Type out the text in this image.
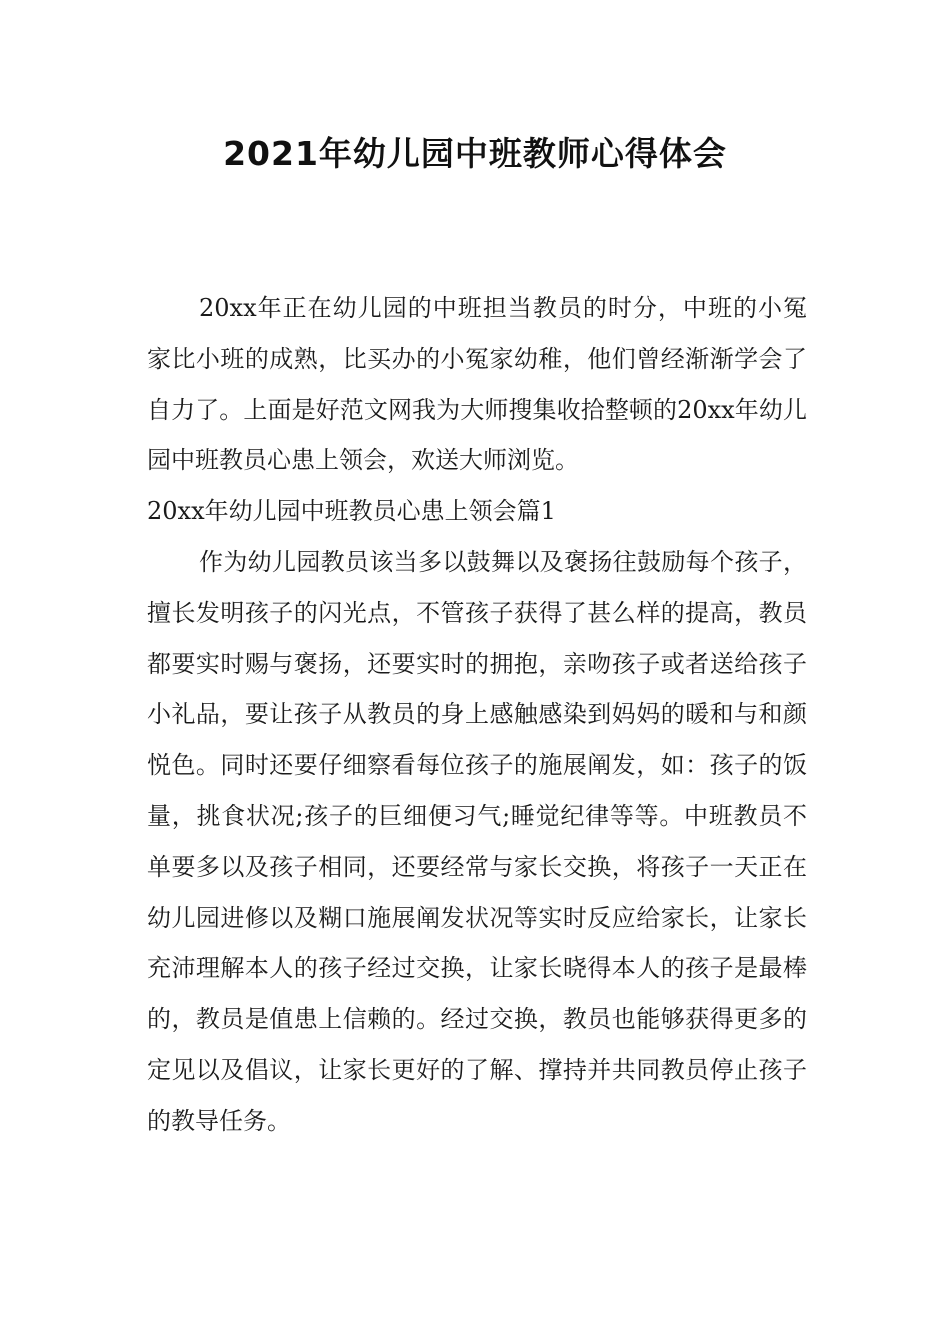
2021年幼儿园中班教师心得体会

20xx年正在幼儿园的中班担当教员的时分，中班的小冤家比小班的成熟，比买办的小冤家幼稚，他们曾经渐渐学会了自力了。上面是好范文网我为大师搜集收拾整顿的20xx年幼儿园中班教员心患上领会，欢送大师浏览。

20xx年幼儿园中班教员心患上领会篇1

作为幼儿园教员该当多以鼓舞以及褒扬往鼓励每个孩子，擅长发明孩子的闪光点，不管孩子获得了甚么样的提高，教员都要实时赐与褒扬，还要实时的拥抱，亲吻孩子或者送给孩子小礼品，要让孩子从教员的身上感触感染到妈妈的暖和与和颜悦色。同时还要仔细察看每位孩子的施展阐发，如：孩子的饭量，挑食状况;孩子的巨细便习气;睡觉纪律等等。中班教员不单要多以及孩子相同，还要经常与家长交换，将孩子一天正在幼儿园进修以及糊口施展阐发状况等实时反应给家长，让家长充沛理解本人的孩子经过交换，让家长晓得本人的孩子是最棒的，教员是值患上信赖的。经过交换，教员也能够获得更多的定见以及倡议，让家长更好的了解、撑持并共同教员停止孩子的教导任务。
